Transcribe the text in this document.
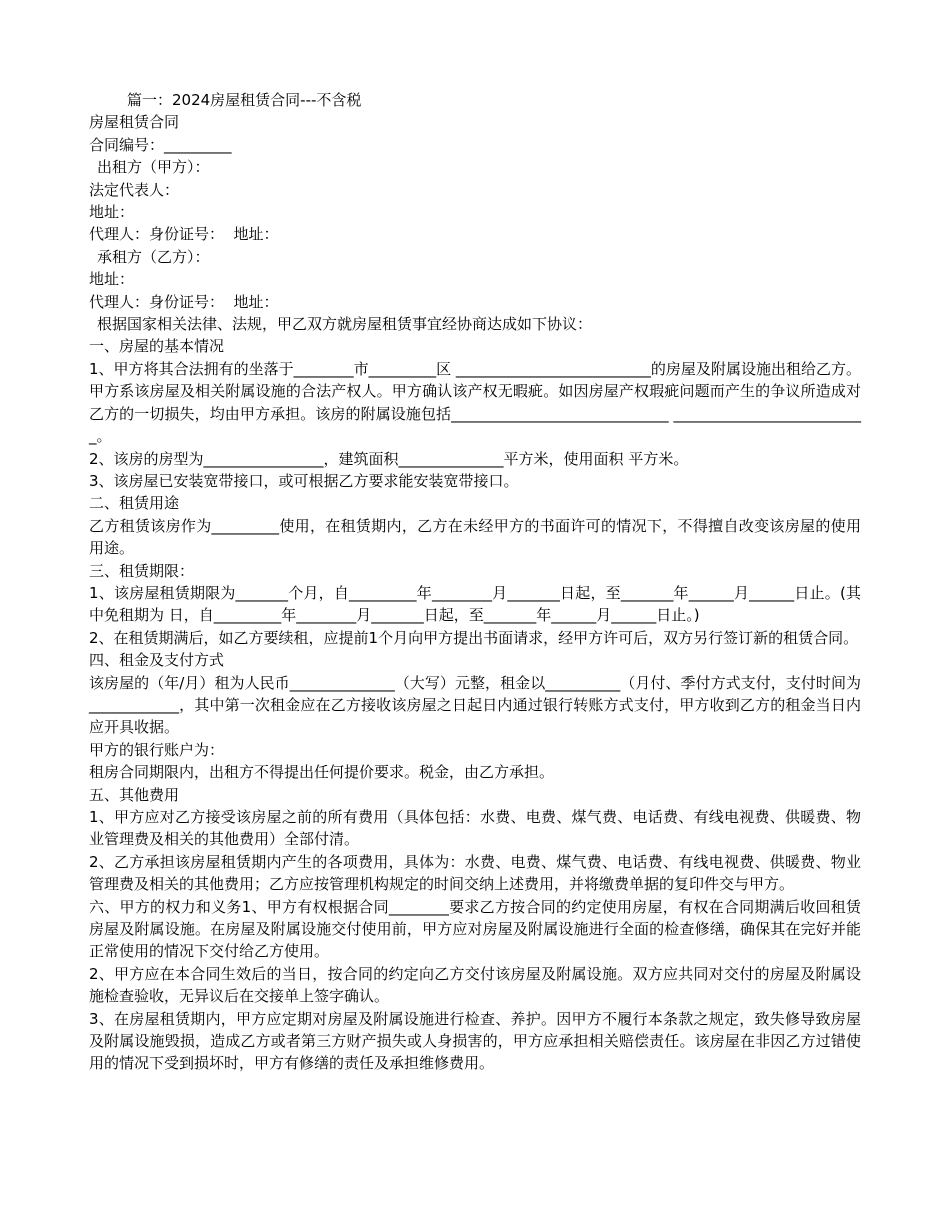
篇一：2024房屋租赁合同---不含税
房屋租赁合同
合同编号：_________
出租方（甲方）：
法定代表人：
地址：
代理人：身份证号：  地址：
承租方（乙方）：
地址：
代理人：身份证号：  地址：
根据国家相关法律、法规，甲乙双方就房屋租赁事宜经协商达成如下协议：
一、房屋的基本情况
1、甲方将其合法拥有的坐落于________市_________区 __________________________的房屋及附属设施出租给乙方。甲方系该房屋及相关附属设施的合法产权人。甲方确认该产权无暇疵。如因房屋产权瑕疵问题而产生的争议所造成对乙方的一切损失，均由甲方承担。该房的附属设施包括_____________________________ __________________________。
2、该房的房型为________________，建筑面积______________平方米，使用面积 平方米。
3、该房屋已安装宽带接口，或可根据乙方要求能安装宽带接口。
二、租赁用途
乙方租赁该房作为_________使用，在租赁期内，乙方在未经甲方的书面许可的情况下，不得擅自改变该房屋的使用用途。
三、租赁期限：
1、该房屋租赁期限为_______个月，自_________年________月_______日起，至_______年______月______日止。(其中免租期为 日，自_________年________月_______日起，至_______年______月______日止。)
2、在租赁期满后，如乙方要续租，应提前1个月向甲方提出书面请求，经甲方许可后，双方另行签订新的租赁合同。
四、租金及支付方式
该房屋的（年/月）租为人民币______________（大写）元整，租金以__________（月付、季付方式支付，支付时间为____________，其中第一次租金应在乙方接收该房屋之日起日内通过银行转账方式支付，甲方收到乙方的租金当日内应开具收据。
甲方的银行账户为：
租房合同期限内，出租方不得提出任何提价要求。税金，由乙方承担。
五、其他费用
1、甲方应对乙方接受该房屋之前的所有费用（具体包括：水费、电费、煤气费、电话费、有线电视费、供暖费、物业管理费及相关的其他费用）全部付清。
2、乙方承担该房屋租赁期内产生的各项费用，具体为：水费、电费、煤气费、电话费、有线电视费、供暖费、物业管理费及相关的其他费用；乙方应按管理机构规定的时间交纳上述费用，并将缴费单据的复印件交与甲方。
六、甲方的权力和义务1、甲方有权根据合同________要求乙方按合同的约定使用房屋，有权在合同期满后收回租赁房屋及附属设施。在房屋及附属设施交付使用前，甲方应对房屋及附属设施进行全面的检查修缮，确保其在完好并能正常使用的情况下交付给乙方使用。
2、甲方应在本合同生效后的当日，按合同的约定向乙方交付该房屋及附属设施。双方应共同对交付的房屋及附属设施检查验收，无异议后在交接单上签字确认。
3、在房屋租赁期内，甲方应定期对房屋及附属设施进行检查、养护。因甲方不履行本条款之规定，致失修导致房屋及附属设施毁损，造成乙方或者第三方财产损失或人身损害的，甲方应承担相关赔偿责任。该房屋在非因乙方过错使用的情况下受到损坏时，甲方有修缮的责任及承担维修费用。
